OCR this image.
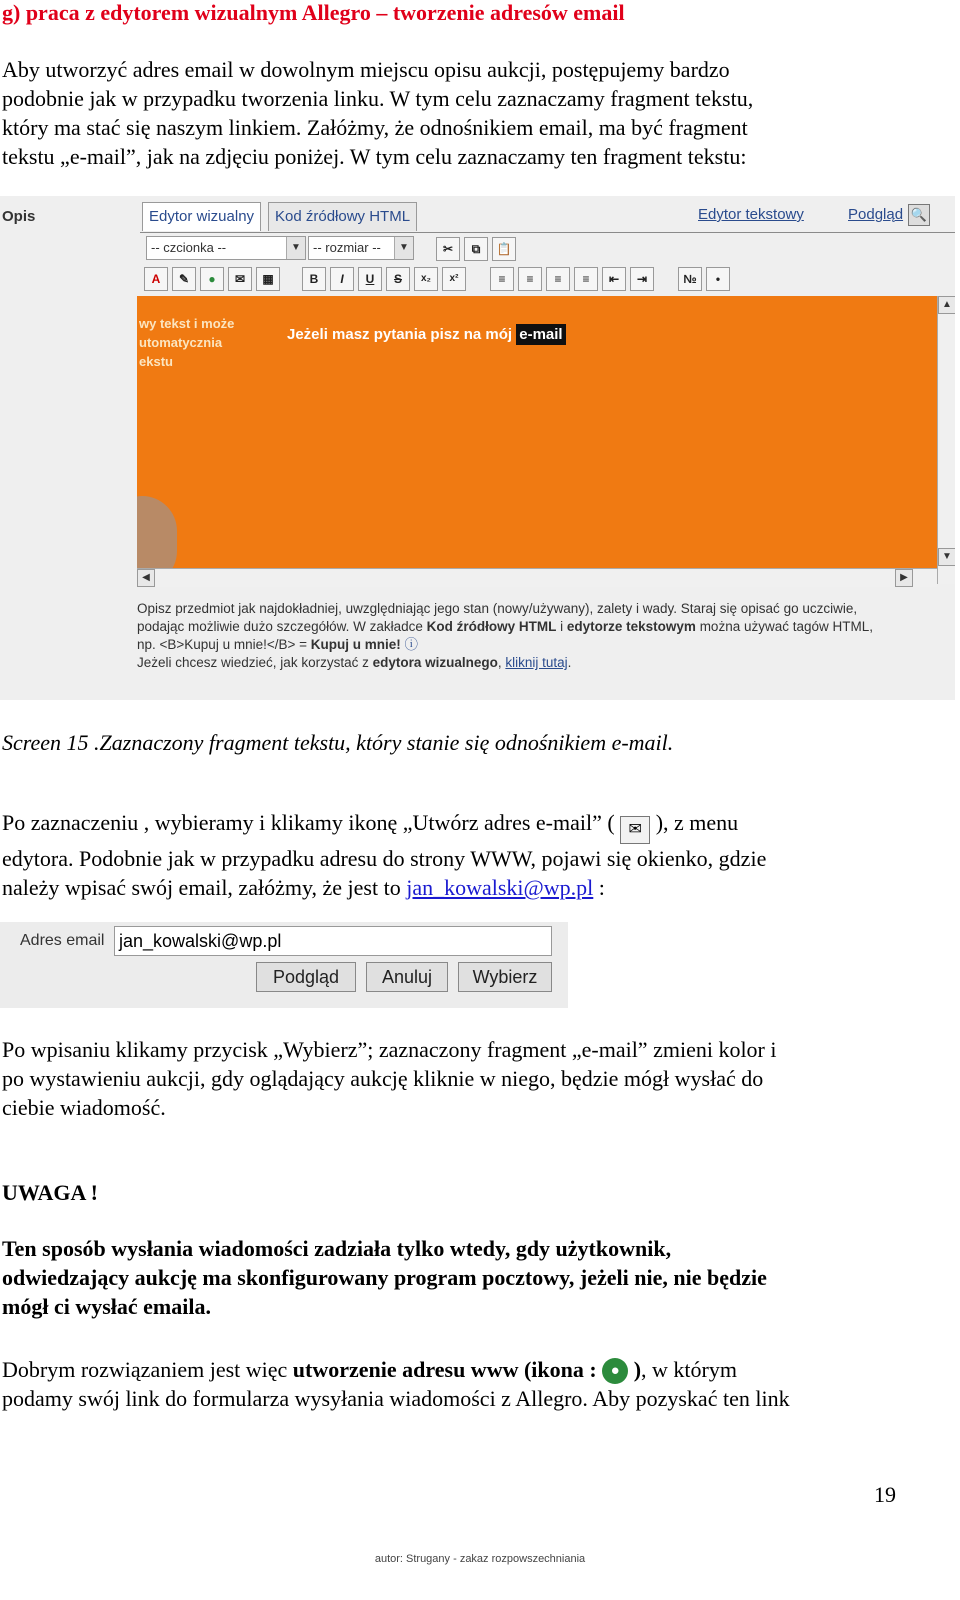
g) praca z edytorem wizualnym Allegro – tworzenie adresów email
Aby utworzyć adres email w dowolnym miejscu opisu aukcji, postępujemy bardzo
podobnie jak w przypadku tworzenia linku. W tym celu zaznaczamy fragment tekstu,
który ma stać się naszym linkiem. Załóżmy, że odnośnikiem email, ma być fragment
tekstu „e-mail”, jak na zdjęciu poniżej. W tym celu zaznaczamy ten fragment tekstu:
Opis	Edytor wizualny	Kod źródłowy HTML	Edytor tekstowy	Podgląd 🔍
-- czcionka --	▼ -- rozmiar --	▼	✂	⧉	📋
A	✎	●	✉	▦	B	I	U	S	x₂	x²	≡	≡	≡	≡	⇤	⇥	№	•
wy tekst i może
utomatycznia
ekstu
Jeżeli masz pytania pisz na mój e-mail
▲
▼
◀	▶
Opisz przedmiot jak najdokładniej, uwzględniając jego stan (nowy/używany), zalety i wady. Staraj się opisać go uczciwie,
podając możliwie dużo szczegółów. W zakładce Kod źródłowy HTML i edytorze tekstowym można używać tagów HTML,
np. <B>Kupuj u mnie!</B> = Kupuj u mnie! ⓘ
Jeżeli chcesz wiedzieć, jak korzystać z edytora wizualnego, kliknij tutaj.
Screen 15 .Zaznaczony fragment tekstu, który stanie się odnośnikiem e-mail.
Po zaznaczeniu , wybieramy i klikamy ikonę „Utwórz adres e-mail” ( ✉ ), z menu
edytora. Podobnie jak w przypadku adresu do strony WWW, pojawi się okienko, gdzie
należy wpisać swój email, załóżmy, że jest to jan_kowalski@wp.pl :
Adres email jan_kowalski@wp.pl
Podgląd	Anuluj	Wybierz
Po wpisaniu klikamy przycisk „Wybierz”; zaznaczony fragment „e-mail” zmieni kolor i
po wystawieniu aukcji, gdy oglądający aukcję kliknie w niego, będzie mógł wysłać do
ciebie wiadomość.
UWAGA !
Ten sposób wysłania wiadomości zadziała tylko wtedy, gdy użytkownik,
odwiedzający aukcję ma skonfigurowany program pocztowy, jeżeli nie, nie będzie
mógł ci wysłać emaila.
Dobrym rozwiązaniem jest więc utworzenie adresu www (ikona : ● ), w którym
podamy swój link do formularza wysyłania wiadomości z Allegro. Aby pozyskać ten link
19
autor: Strugany - zakaz rozpowszechniania
